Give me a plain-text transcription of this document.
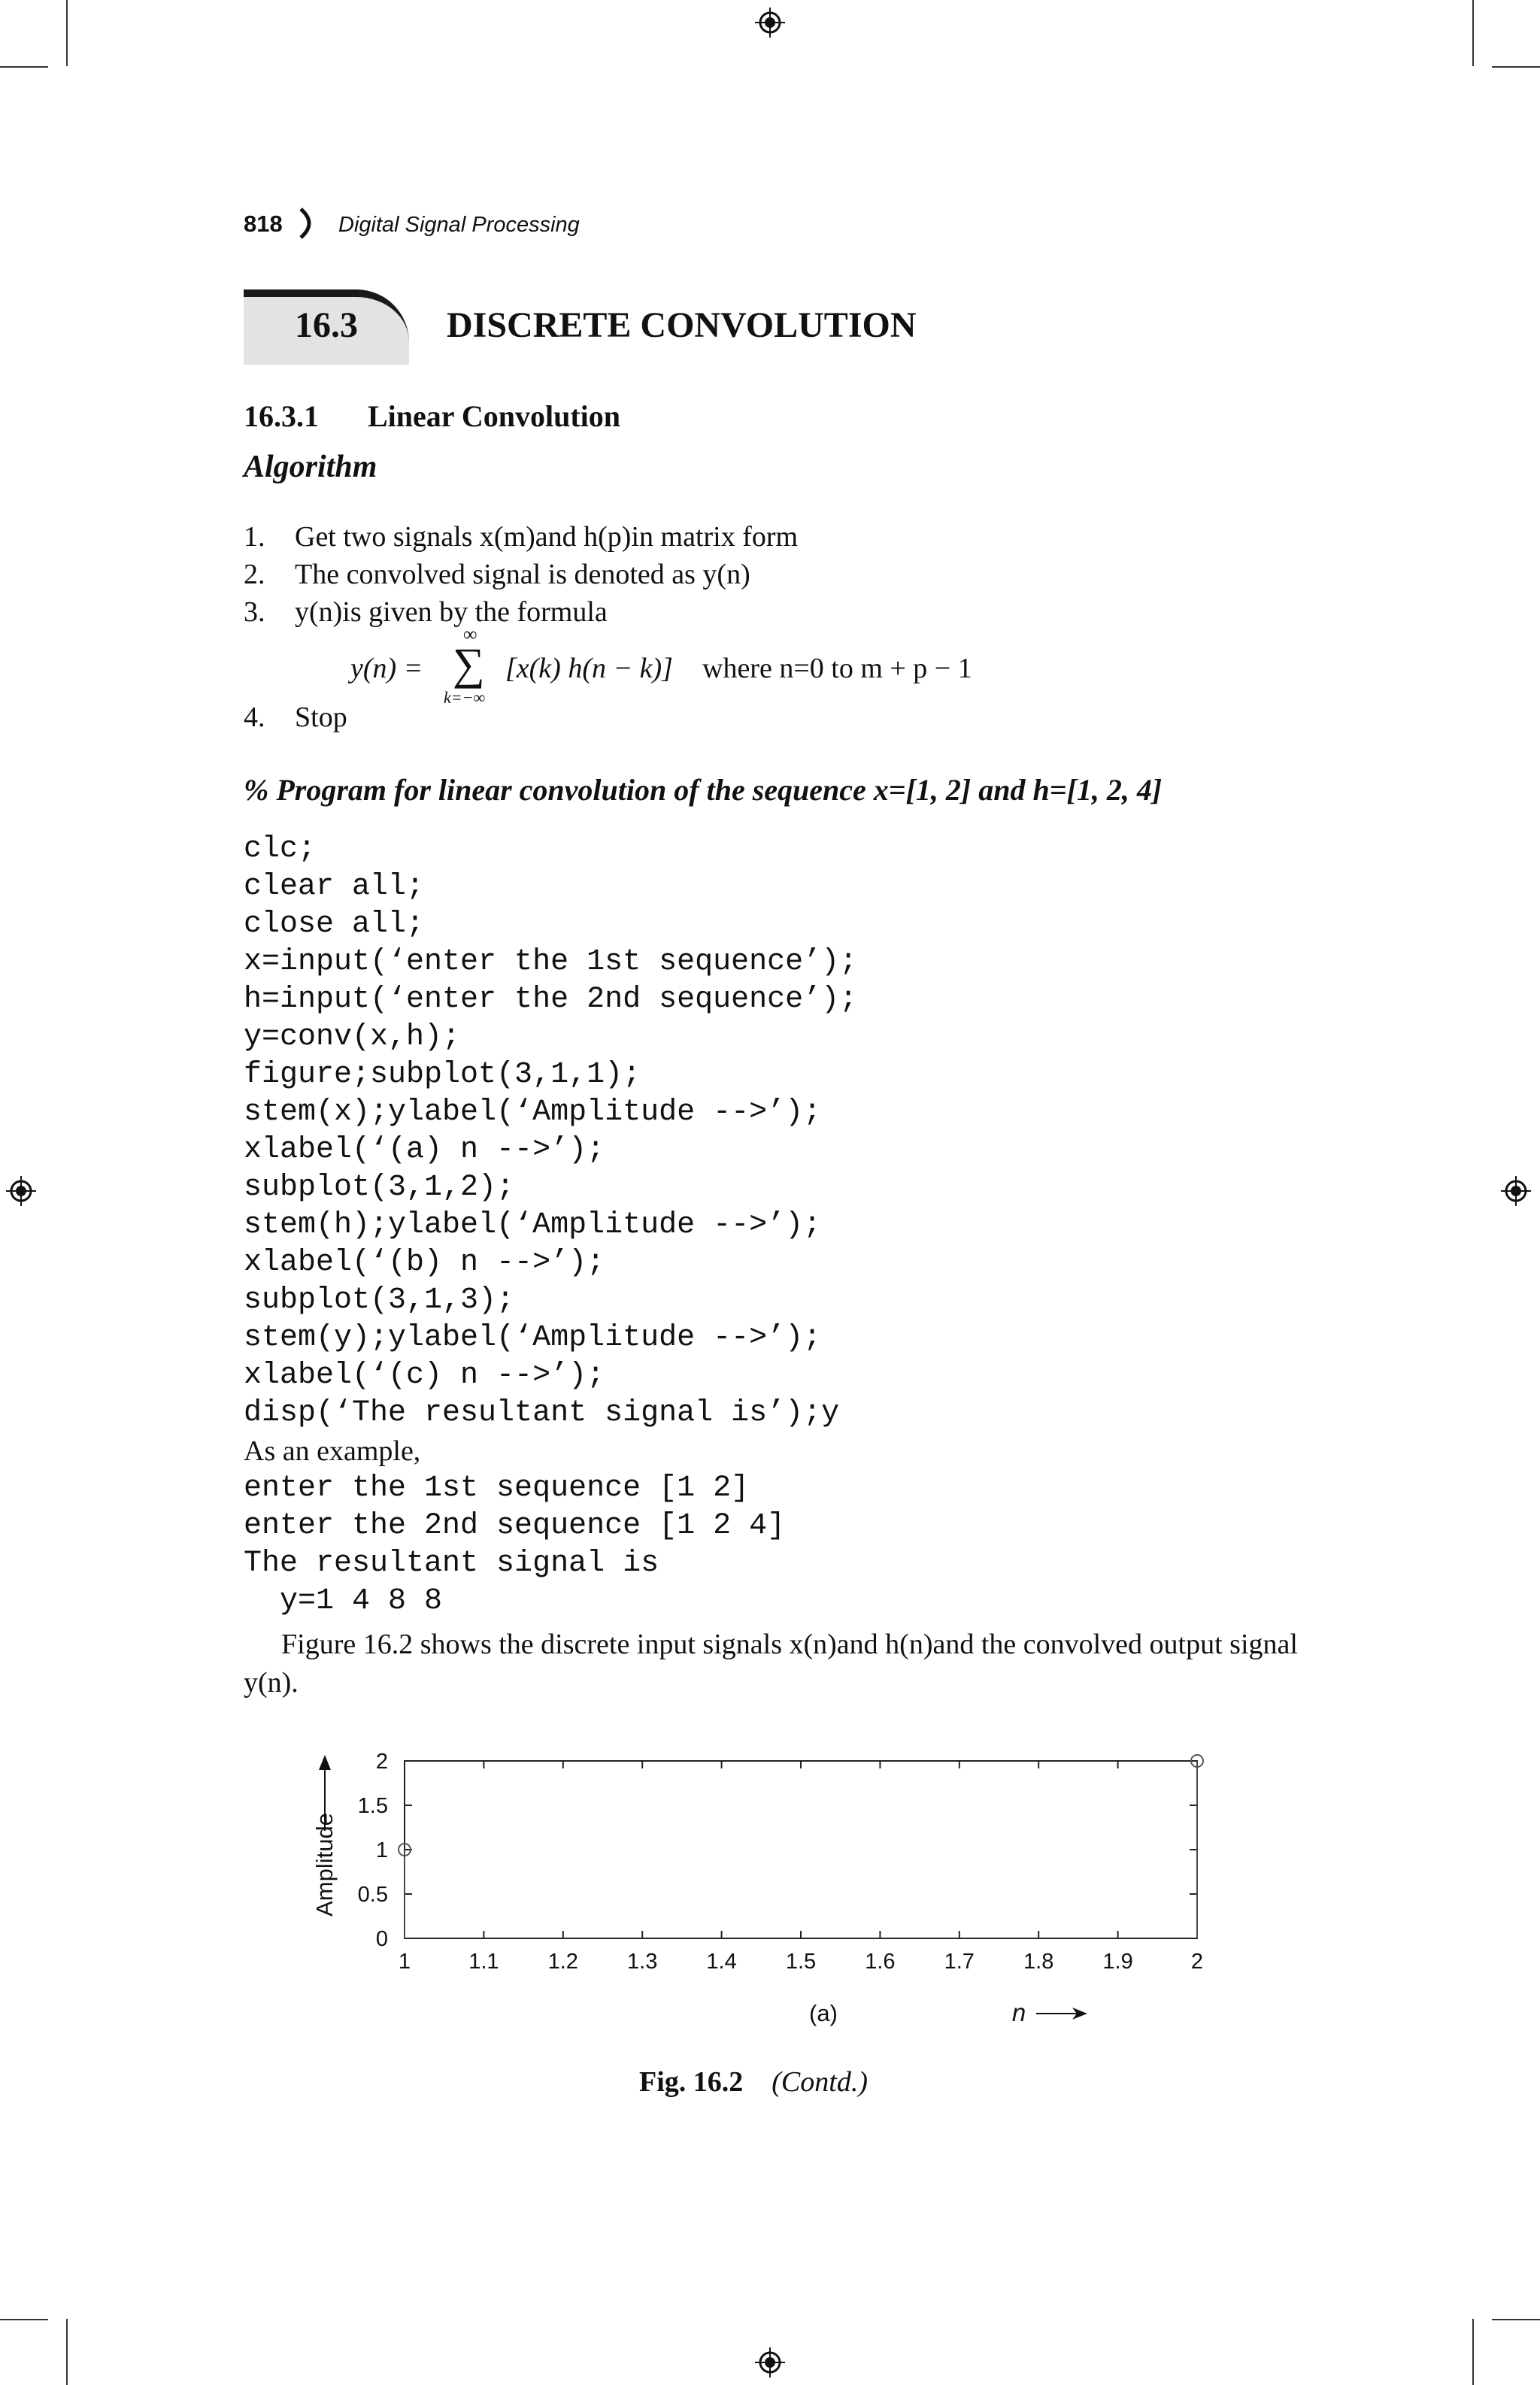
818	Digital Signal Processing
16.3	DISCRETE CONVOLUTION
16.3.1 Linear Convolution
Algorithm
1. Get two signals x(m)and h(p)in matrix form
2. The convolved signal is denoted as y(n)
3. y(n)is given by the formula
y(n) =
∞
∑
k=−∞
[x(k) h(n − k)] where n=0 to m + p − 1
4. Stop
% Program for linear convolution of the sequence x=[1, 2] and h=[1, 2, 4]
clc;
clear all;
close all;
x=input(‘enter the 1st sequence’);
h=input(‘enter the 2nd sequence’);
y=conv(x,h);
figure;subplot(3,1,1);
stem(x);ylabel(‘Amplitude -->’);
xlabel(‘(a) n -->’);
subplot(3,1,2);
stem(h);ylabel(‘Amplitude -->’);
xlabel(‘(b) n -->’);
subplot(3,1,3);
stem(y);ylabel(‘Amplitude -->’);
xlabel(‘(c) n -->’);
disp(‘The resultant signal is’);y
As an example,
enter the 1st sequence [1 2]
enter the 2nd sequence [1 2 4]
The resultant signal is
y=1 4 8 8
Figure 16.2 shows the discrete input signals x(n)and h(n)and the convolved output signal y(n).
0
0.5
1
1.5
2
1	1.1 1.2 1.3 1.4 1.5 1.6 1.7 1.8 1.9	2
Amplitude
(a)	n
Fig. 16.2 (Contd.)
